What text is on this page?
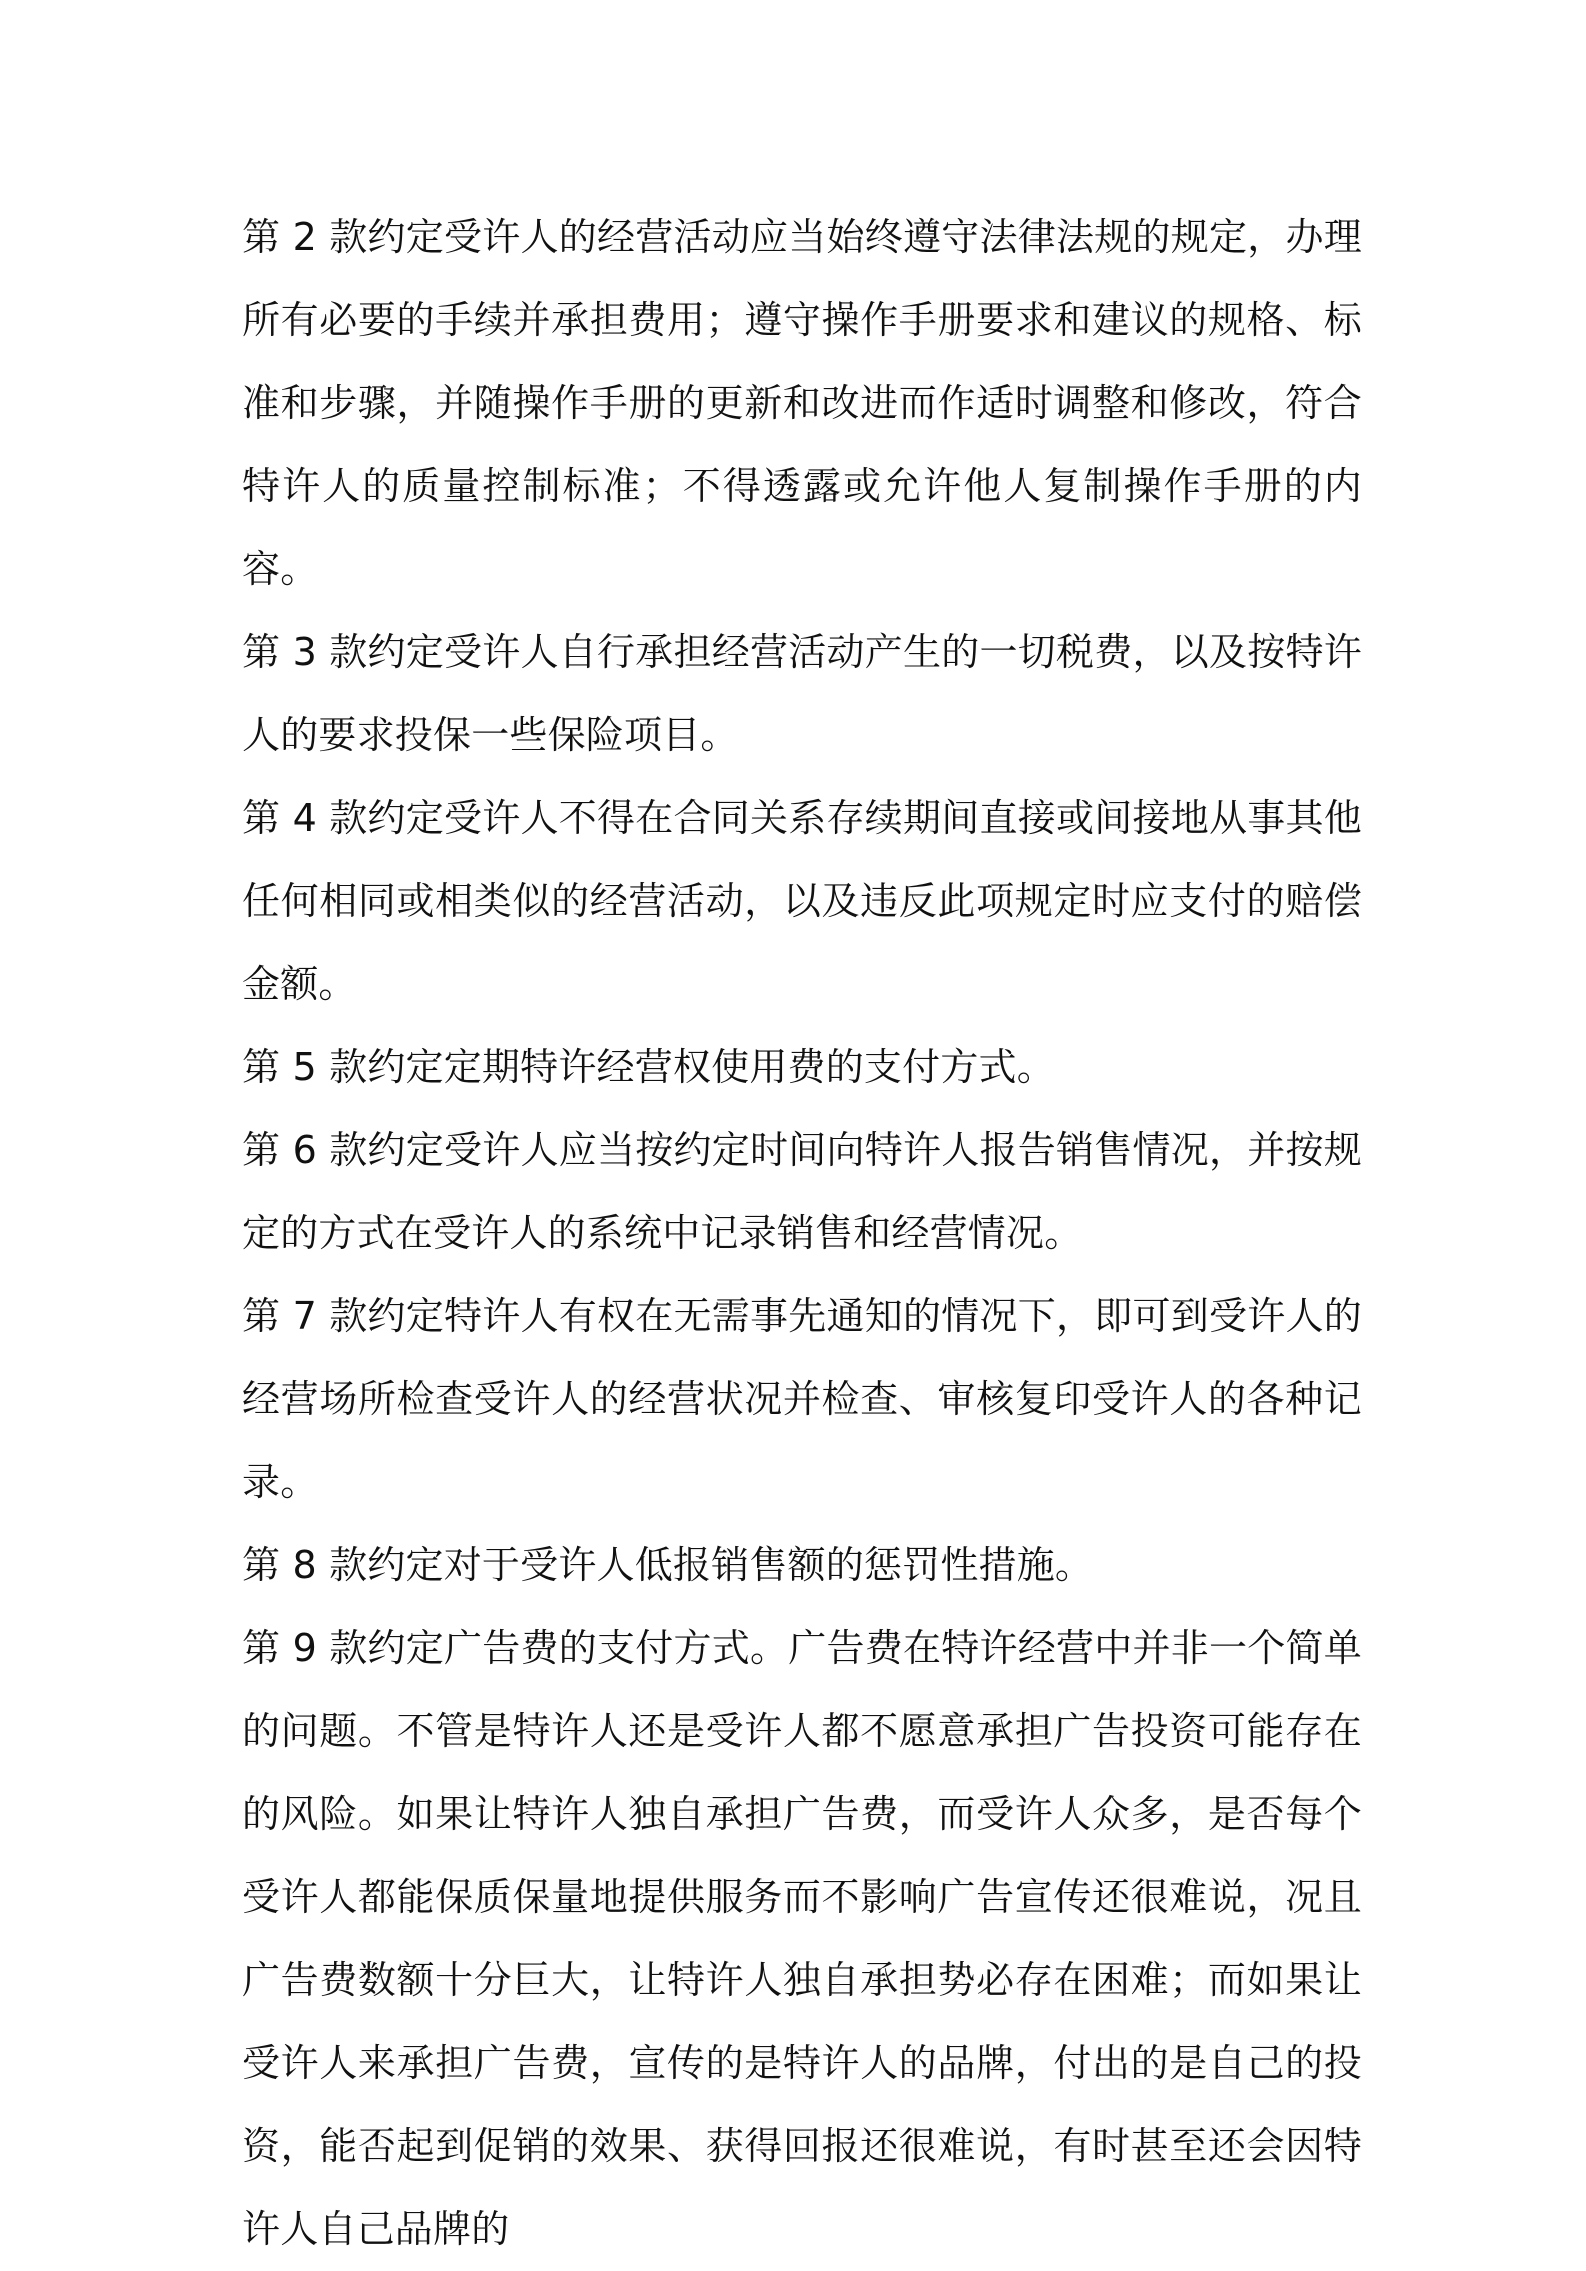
第 2 款约定受许人的经营活动应当始终遵守法律法规的规定，办理所有必要的手续并承担费用；遵守操作手册要求和建议的规格、标准和步骤，并随操作手册的更新和改进而作适时调整和修改，符合特许人的质量控制标准；不得透露或允许他人复制操作手册的内容。

第 3 款约定受许人自行承担经营活动产生的一切税费，以及按特许人的要求投保一些保险项目。

第 4 款约定受许人不得在合同关系存续期间直接或间接地从事其他任何相同或相类似的经营活动，以及违反此项规定时应支付的赔偿金额。

第 5 款约定定期特许经营权使用费的支付方式。

第 6 款约定受许人应当按约定时间向特许人报告销售情况，并按规定的方式在受许人的系统中记录销售和经营情况。

第 7 款约定特许人有权在无需事先通知的情况下，即可到受许人的经营场所检查受许人的经营状况并检查、审核复印受许人的各种记录。

第 8 款约定对于受许人低报销售额的惩罚性措施。

第 9 款约定广告费的支付方式。广告费在特许经营中并非一个简单的问题。不管是特许人还是受许人都不愿意承担广告投资可能存在的风险。如果让特许人独自承担广告费，而受许人众多，是否每个受许人都能保质保量地提供服务而不影响广告宣传还很难说，况且广告费数额十分巨大，让特许人独自承担势必存在困难；而如果让受许人来承担广告费，宣传的是特许人的品牌，付出的是自己的投资，能否起到促销的效果、获得回报还很难说，有时甚至还会因特许人自己品牌的
